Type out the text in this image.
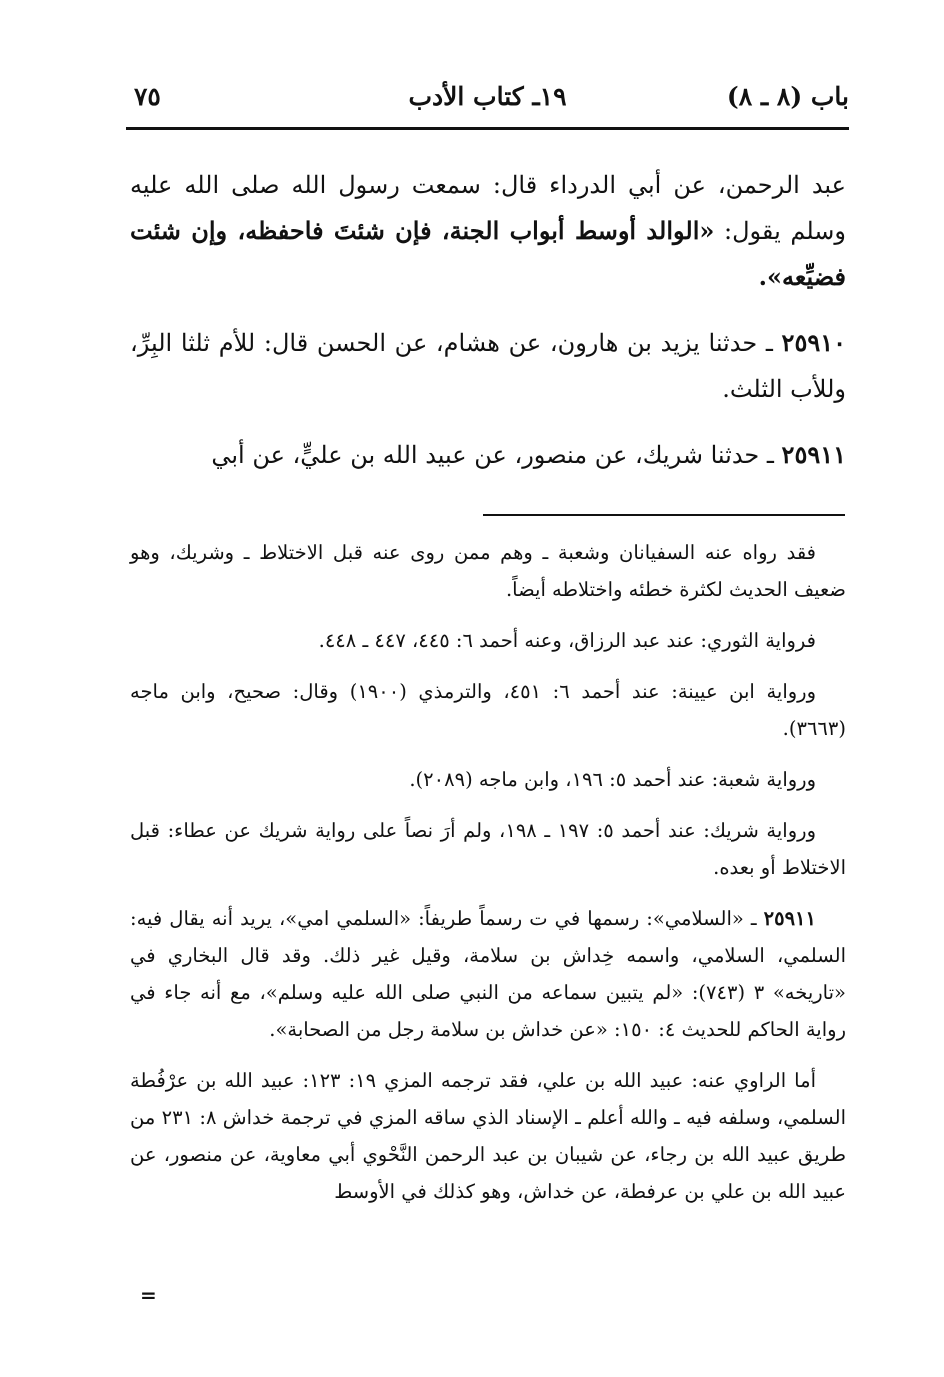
باب (٨ ـ ٨)
١٩ـ كتاب الأدب
٧٥

عبد الرحمن، عن أبي الدرداء قال: سمعت رسول الله صلى الله عليه وسلم يقول: «الوالد أوسط أبواب الجنة، فإن شئتَ فاحفظه، وإن شئت فضيِّعه».

٢٥٩١٠ ـ حدثنا يزيد بن هارون، عن هشام، عن الحسن قال: للأم ثلثا البِرِّ، وللأب الثلث.

٢٥٩١١ ـ حدثنا شريك، عن منصور، عن عبيد الله بن عليٍّ، عن أبي

فقد رواه عنه السفيانان وشعبة ـ وهم ممن روى عنه قبل الاختلاط ـ وشريك، وهو ضعيف الحديث لكثرة خطئه واختلاطه أيضاً.

فرواية الثوري: عند عبد الرزاق، وعنه أحمد ٦: ٤٤٥، ٤٤٧ ـ ٤٤٨.

ورواية ابن عيينة: عند أحمد ٦: ٤٥١، والترمذي (١٩٠٠) وقال: صحيح، وابن ماجه (٣٦٦٣).

ورواية شعبة: عند أحمد ٥: ١٩٦، وابن ماجه (٢٠٨٩).

ورواية شريك: عند أحمد ٥: ١٩٧ ـ ١٩٨، ولم أرَ نصاً على رواية شريك عن عطاء: قبل الاختلاط أو بعده.

٢٥٩١١ ـ «السلامي»: رسمها في ت رسماً طريفاً: «السلمي امي»، يريد أنه يقال فيه: السلمي، السلامي، واسمه خِداش بن سلامة، وقيل غير ذلك. وقد قال البخاري في «تاريخه» ٣ (٧٤٣): «لم يتبين سماعه من النبي صلى الله عليه وسلم»، مع أنه جاء في رواية الحاكم للحديث ٤: ١٥٠: «عن خداش بن سلامة رجل من الصحابة».

أما الراوي عنه: عبيد الله بن علي، فقد ترجمه المزي ١٩: ١٢٣: عبيد الله بن عرْفُطة السلمي، وسلفه فيه ـ والله أعلم ـ الإسناد الذي ساقه المزي في ترجمة خداش ٨: ٢٣١ من طريق عبيد الله بن رجاء، عن شيبان بن عبد الرحمن النَّحْوي أبي معاوية، عن منصور، عن عبيد الله بن علي بن عرفطة، عن خداش، وهو كذلك في الأوسط

=
